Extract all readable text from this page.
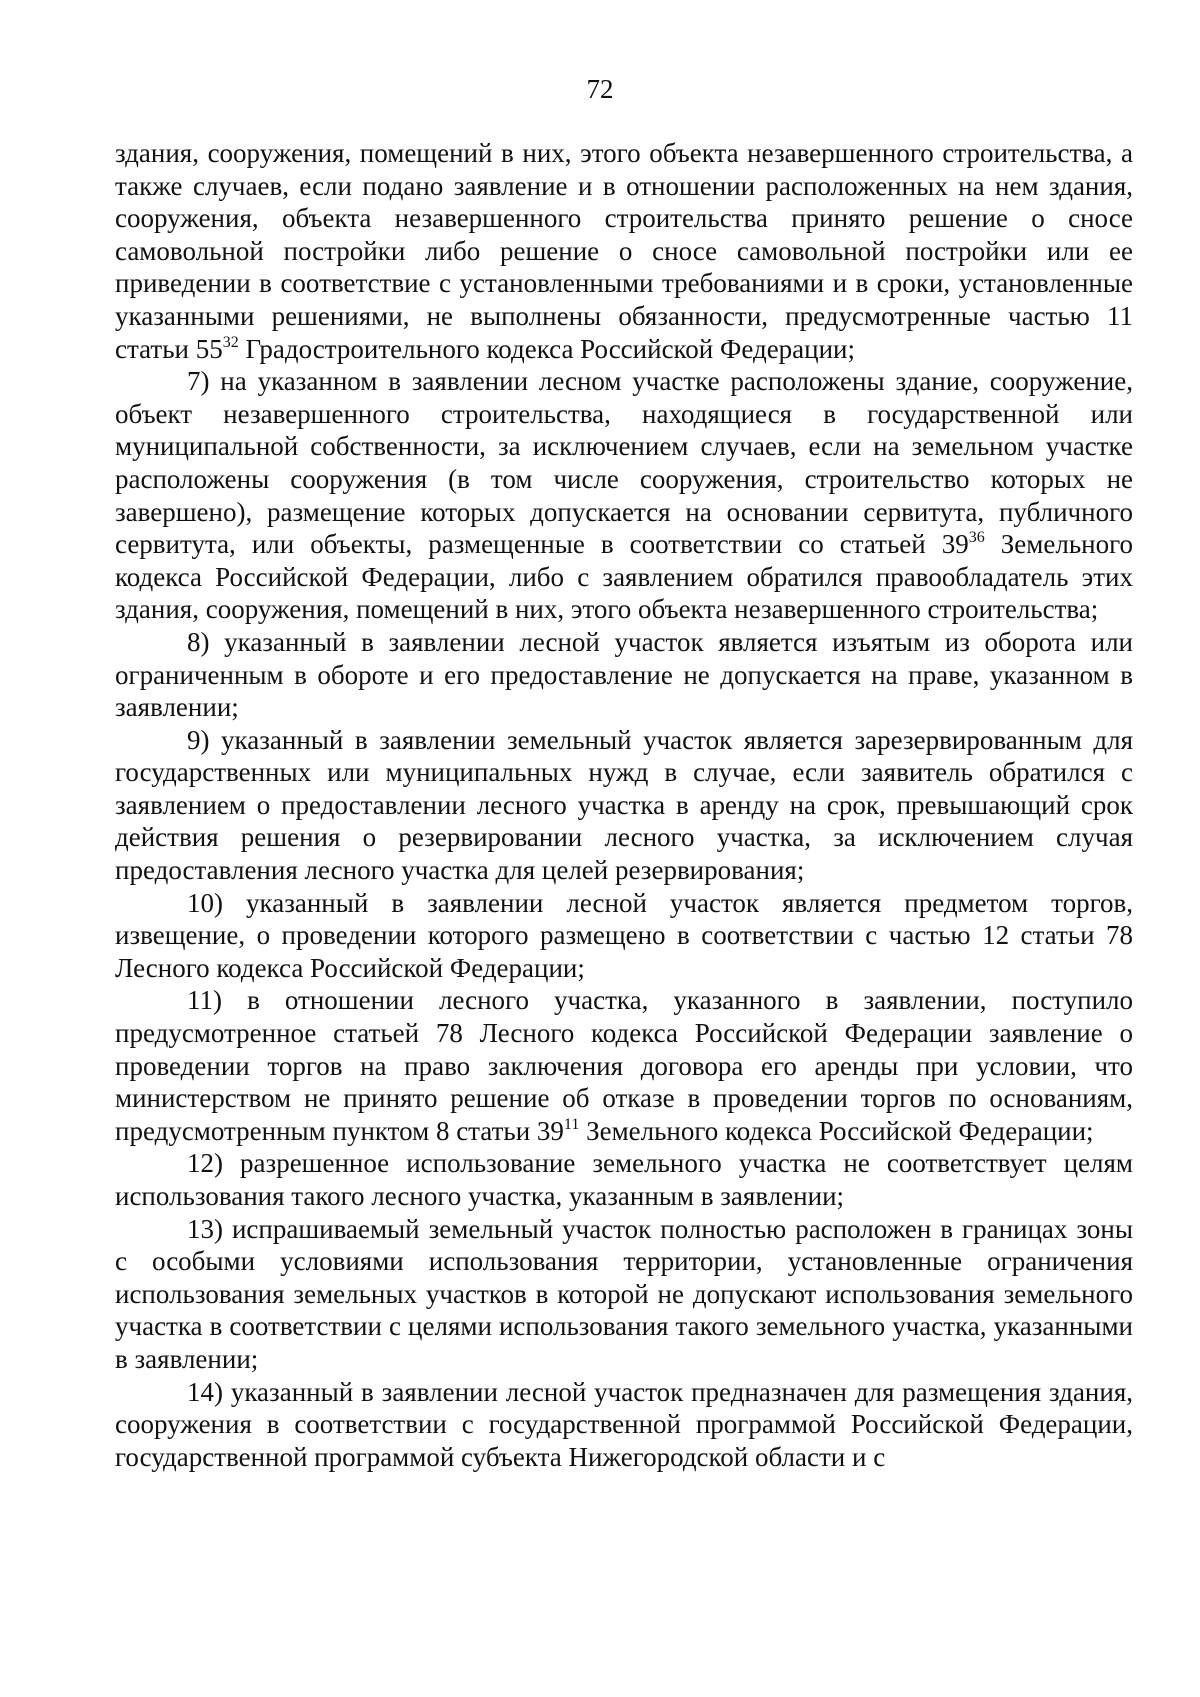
72

здания, сооружения, помещений в них, этого объекта незавершенного строительства, а также случаев, если подано заявление и в отношении расположенных на нем здания, сооружения, объекта незавершенного строительства принято решение о сносе самовольной постройки либо решение о сносе самовольной постройки или ее приведении в соответствие с установленными требованиями и в сроки, установленные указанными решениями, не выполнены обязанности, предусмотренные частью 11 статьи $55^{32}$ Градостроительного кодекса Российской Федерации;

7) на указанном в заявлении лесном участке расположены здание, сооружение, объект незавершенного строительства, находящиеся в государственной или муниципальной собственности, за исключением случаев, если на земельном участке расположены сооружения (в том числе сооружения, строительство которых не завершено), размещение которых допускается на основании сервитута, публичного сервитута, или объекты, размещенные в соответствии со статьей $39^{36}$ Земельного кодекса Российской Федерации, либо с заявлением обратился правообладатель этих здания, сооружения, помещений в них, этого объекта незавершенного строительства;

8) указанный в заявлении лесной участок является изъятым из оборота или ограниченным в обороте и его предоставление не допускается на праве, указанном в заявлении;

9) указанный в заявлении земельный участок является зарезервированным для государственных или муниципальных нужд в случае, если заявитель обратился с заявлением о предоставлении лесного участка в аренду на срок, превышающий срок действия решения о резервировании лесного участка, за исключением случая предоставления лесного участка для целей резервирования;

10) указанный в заявлении лесной участок является предметом торгов, извещение, о проведении которого размещено в соответствии с частью 12 статьи 78 Лесного кодекса Российской Федерации;

11) в отношении лесного участка, указанного в заявлении, поступило предусмотренное статьей 78 Лесного кодекса Российской Федерации заявление о проведении торгов на право заключения договора его аренды при условии, что министерством не принято решение об отказе в проведении торгов по основаниям, предусмотренным пунктом 8 статьи $39^{11}$ Земельного кодекса Российской Федерации;

12) разрешенное использование земельного участка не соответствует целям использования такого лесного участка, указанным в заявлении;

13) испрашиваемый земельный участок полностью расположен в границах зоны с особыми условиями использования территории, установленные ограничения использования земельных участков в которой не допускают использования земельного участка в соответствии с целями использования такого земельного участка, указанными в заявлении;

14) указанный в заявлении лесной участок предназначен для размещения здания, сооружения в соответствии с государственной программой Российской Федерации, государственной программой субъекта Нижегородской области и с
